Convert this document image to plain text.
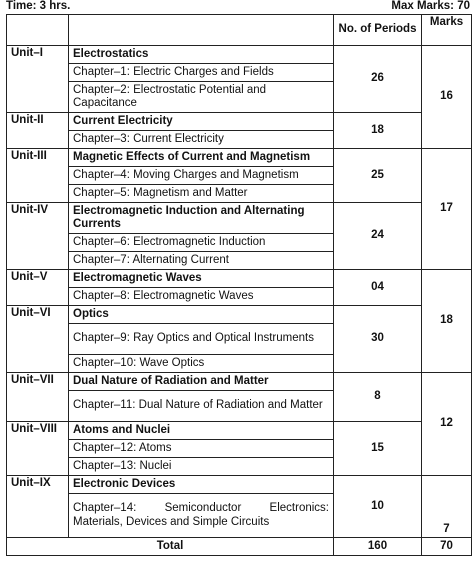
Time: 3 hrs.	Max Marks: 70
		No. of Periods	Marks
Unit–I	Electrostatics	26	16
	Chapter–1: Electric Charges and Fields		
	Chapter–2: Electrostatic Potential and Capacitance		
Unit-II	Current Electricity	18	
	Chapter–3: Current Electricity		
Unit-III	Magnetic Effects of Current and Magnetism	25	17
	Chapter–4: Moving Charges and Magnetism		
	Chapter–5: Magnetism and Matter		
Unit-IV	Electromagnetic Induction and Alternating Currents	24	
	Chapter–6: Electromagnetic Induction		
	Chapter–7: Alternating Current		
Unit–V	Electromagnetic Waves	04	18
	Chapter–8: Electromagnetic Waves		
Unit–VI	Optics	30	
	Chapter–9: Ray Optics and Optical Instruments		
	Chapter–10: Wave Optics		
Unit–VII	Dual Nature of Radiation and Matter	8	12
	Chapter–11: Dual Nature of Radiation and Matter		
Unit–VIII	Atoms and Nuclei	15	
	Chapter–12: Atoms		
	Chapter–13: Nuclei		
Unit–IX	Electronic Devices	10	7
	Chapter–14: Semiconductor Electronics: Materials, Devices and Simple Circuits		
Total		160	70
